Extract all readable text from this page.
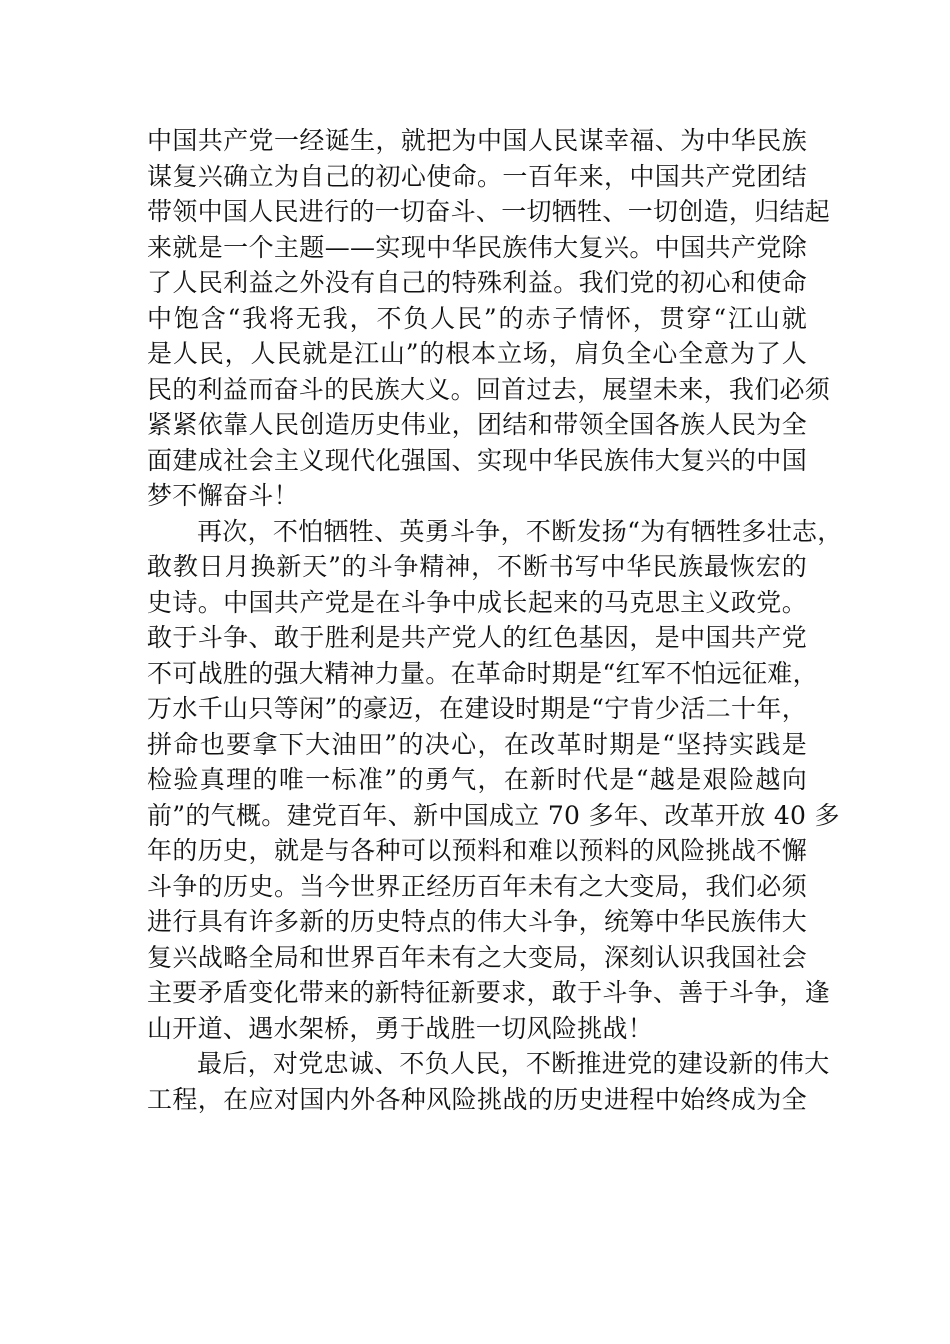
中国共产党一经诞生，就把为中国人民谋幸福、为中华民族
谋复兴确立为自己的初心使命。一百年来，中国共产党团结
带领中国人民进行的一切奋斗、一切牺牲、一切创造，归结起
来就是一个主题——实现中华民族伟大复兴。中国共产党除
了人民利益之外没有自己的特殊利益。我们党的初心和使命
中饱含“我将无我，不负人民”的赤子情怀，贯穿“江山就
是人民，人民就是江山”的根本立场，肩负全心全意为了人
民的利益而奋斗的民族大义。回首过去，展望未来，我们必须
紧紧依靠人民创造历史伟业，团结和带领全国各族人民为全
面建成社会主义现代化强国、实现中华民族伟大复兴的中国
梦不懈奋斗！
再次，不怕牺牲、英勇斗争，不断发扬“为有牺牲多壮志，
敢教日月换新天”的斗争精神，不断书写中华民族最恢宏的
史诗。中国共产党是在斗争中成长起来的马克思主义政党。
敢于斗争、敢于胜利是共产党人的红色基因，是中国共产党
不可战胜的强大精神力量。在革命时期是“红军不怕远征难，
万水千山只等闲”的豪迈，在建设时期是“宁肯少活二十年，
拼命也要拿下大油田”的决心，在改革时期是“坚持实践是
检验真理的唯一标准”的勇气，在新时代是“越是艰险越向
前”的气概。建党百年、新中国成立 70 多年、改革开放 40 多
年的历史，就是与各种可以预料和难以预料的风险挑战不懈
斗争的历史。当今世界正经历百年未有之大变局，我们必须
进行具有许多新的历史特点的伟大斗争，统筹中华民族伟大
复兴战略全局和世界百年未有之大变局，深刻认识我国社会
主要矛盾变化带来的新特征新要求，敢于斗争、善于斗争，逢
山开道、遇水架桥，勇于战胜一切风险挑战！
最后，对党忠诚、不负人民，不断推进党的建设新的伟大
工程，在应对国内外各种风险挑战的历史进程中始终成为全
